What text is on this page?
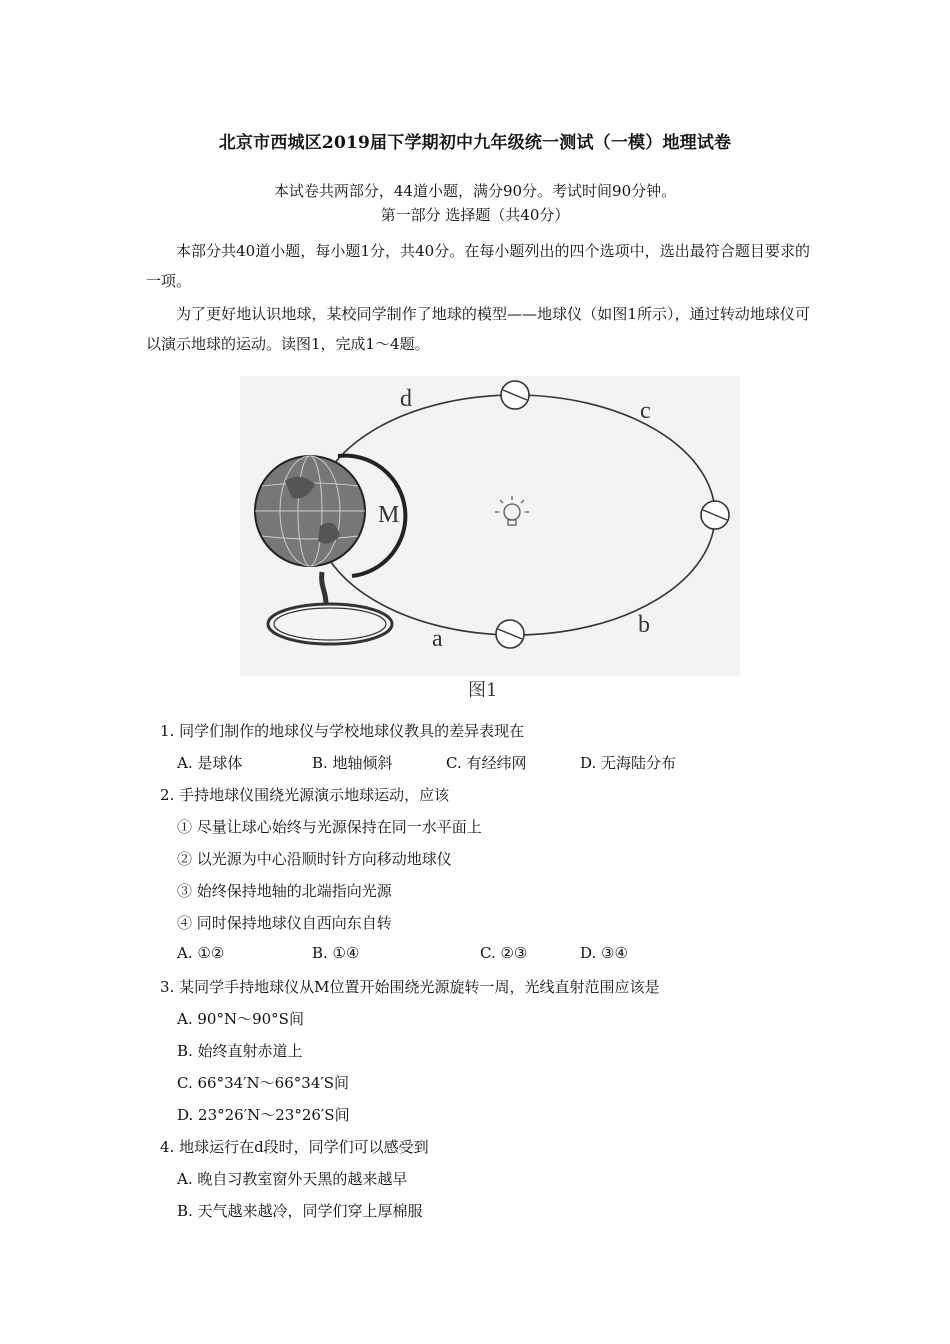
北京市西城区2019届下学期初中九年级统一测试（一模）地理试卷
本试卷共两部分，44道小题，满分90分。考试时间90分钟。
第一部分 选择题（共40分）
本部分共40道小题，每小题1分，共40分。在每小题列出的四个选项中，选出最符合题目要求的一项。
为了更好地认识地球，某校同学制作了地球的模型——地球仪（如图1所示），通过转动地球仪可以演示地球的运动。读图1，完成1～4题。
d	c
M
a
b
图1
1. 同学们制作的地球仪与学校地球仪教具的差异表现在
A. 是球体	B. 地轴倾斜	C. 有经纬网	D. 无海陆分布
2. 手持地球仪围绕光源演示地球运动，应该
① 尽量让球心始终与光源保持在同一水平面上
② 以光源为中心沿顺时针方向移动地球仪
③ 始终保持地轴的北端指向光源
④ 同时保持地球仪自西向东自转
A. ①②	B. ①④	C. ②③	D. ③④
3. 某同学手持地球仪从M位置开始围绕光源旋转一周，光线直射范围应该是
A. 90°N～90°S间
B. 始终直射赤道上
C. 66°34′N～66°34′S间
D. 23°26′N～23°26′S间
4. 地球运行在d段时，同学们可以感受到
A. 晚自习教室窗外天黑的越来越早
B. 天气越来越冷，同学们穿上厚棉服
